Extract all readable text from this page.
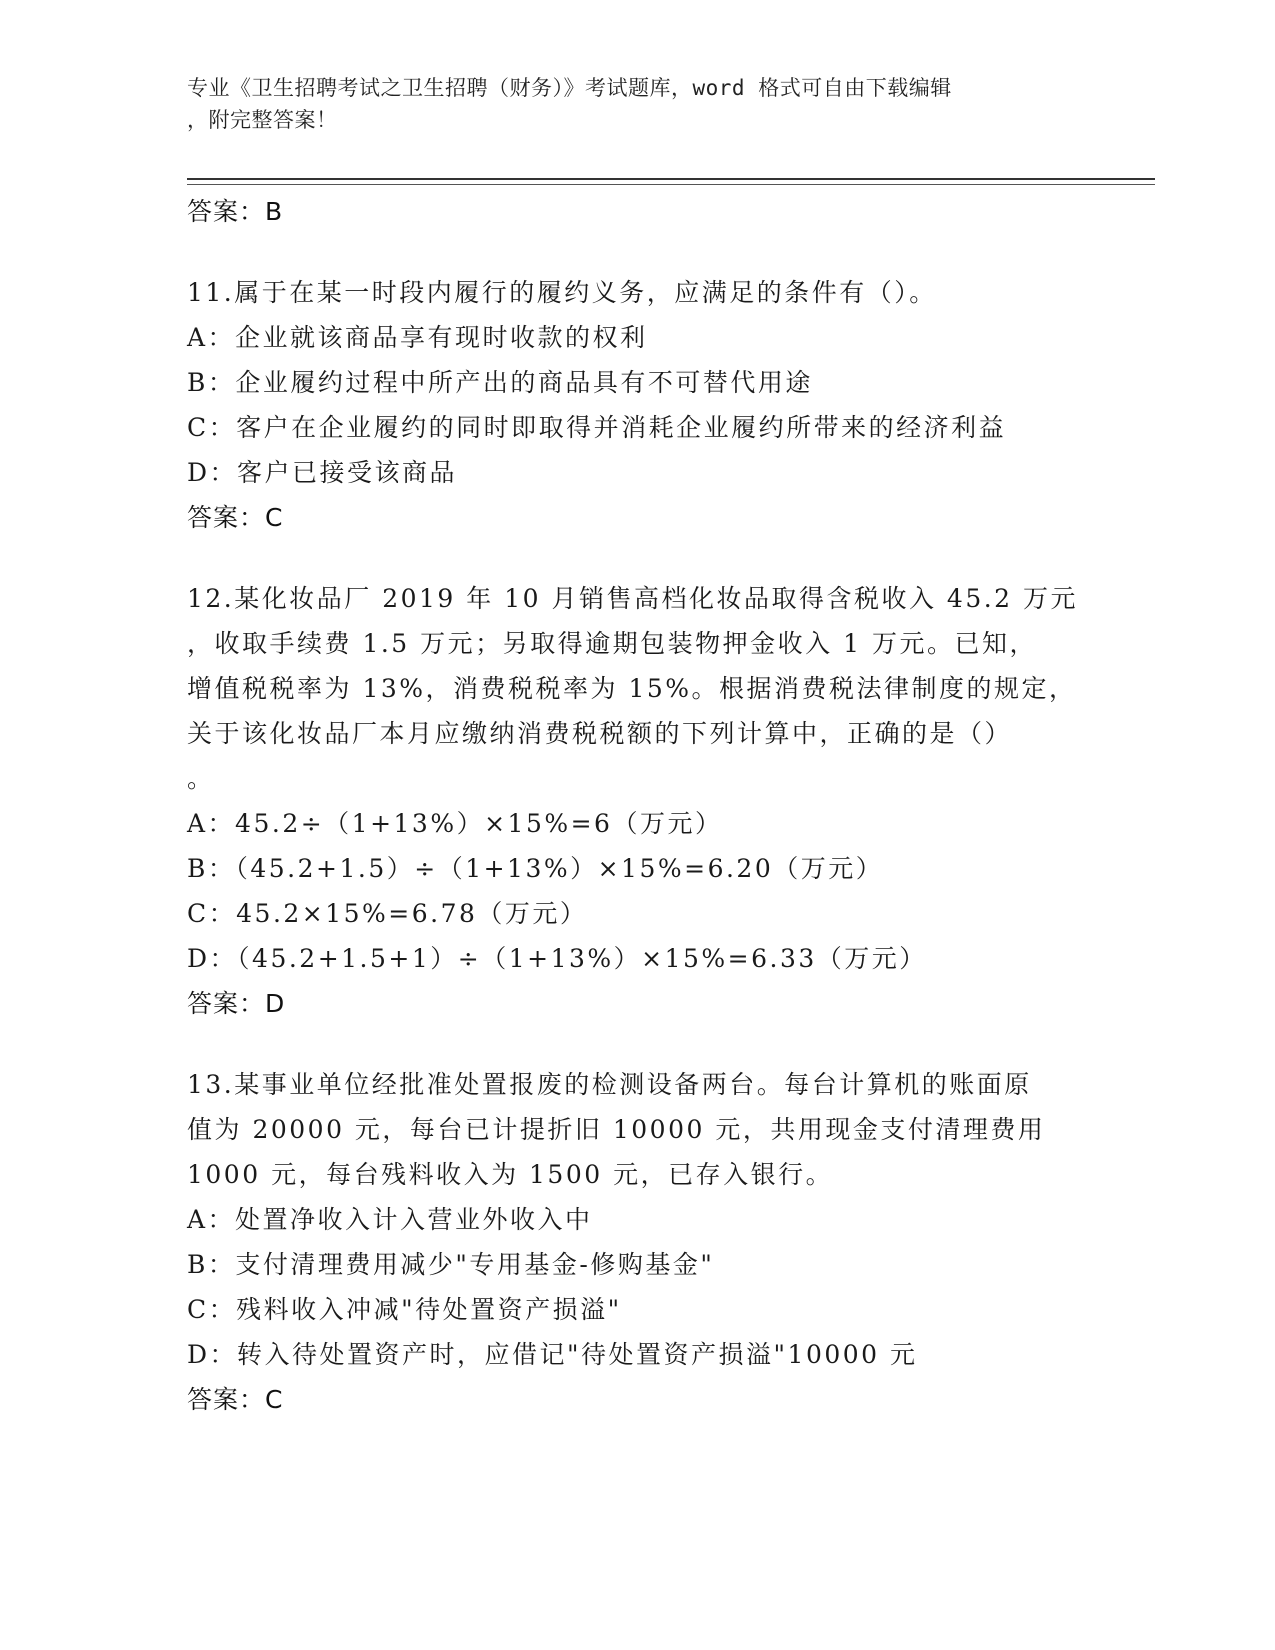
专业《卫生招聘考试之卫生招聘（财务）》考试题库，word 格式可自由下载编辑
，附完整答案！

答案：B

11.属于在某一时段内履行的履约义务，应满足的条件有（）。

A：企业就该商品享有现时收款的权利

B：企业履约过程中所产出的商品具有不可替代用途

C：客户在企业履约的同时即取得并消耗企业履约所带来的经济利益

D：客户已接受该商品

答案：C

12.某化妆品厂 2019 年 10 月销售高档化妆品取得含税收入 45.2 万元

，收取手续费 1.5 万元；另取得逾期包装物押金收入 1 万元。已知，

增值税税率为 13%，消费税税率为 15%。根据消费税法律制度的规定，

关于该化妆品厂本月应缴纳消费税税额的下列计算中，正确的是（）

。

A：45.2÷（1+13%）×15%=6（万元）

B：（45.2+1.5）÷（1+13%）×15%=6.20（万元）

C：45.2×15%=6.78（万元）

D：（45.2+1.5+1）÷（1+13%）×15%=6.33（万元）

答案：D

13.某事业单位经批准处置报废的检测设备两台。每台计算机的账面原

值为 20000 元，每台已计提折旧 10000 元，共用现金支付清理费用

1000 元，每台残料收入为 1500 元，已存入银行。

A：处置净收入计入营业外收入中

B：支付清理费用减少"专用基金-修购基金"

C：残料收入冲减"待处置资产损溢"

D：转入待处置资产时，应借记"待处置资产损溢"10000 元

答案：C
